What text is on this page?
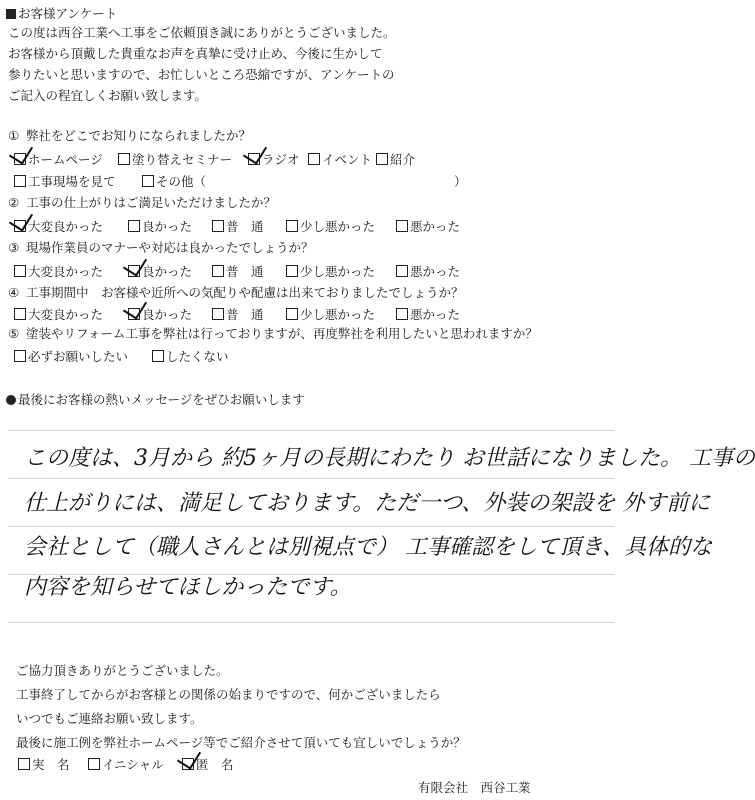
お客様アンケート
この度は西谷工業へ工事をご依頼頂き誠にありがとうございました。
お客様から頂戴した貴重なお声を真摯に受け止め、今後に生かして
参りたいと思いますので、お忙しいところ恐縮ですが、アンケートの
ご記入の程宜しくお願い致します。
① 弊社をどこでお知りになられましたか？
ホームページ	塗り替えセミナー	ラジオ	イベント	紹介
工事現場を見て	その他（	）
② 工事の仕上がりはご満足いただけましたか？
大変良かった	良かった	普　通	少し悪かった	悪かった
③ 現場作業員のマナーや対応は良かったでしょうか？
大変良かった	良かった	普　通	少し悪かった	悪かった
④ 工事期間中　お客様や近所への気配りや配慮は出来ておりましたでしょうか？
大変良かった	良かった	普　通	少し悪かった	悪かった
⑤ 塗装やリフォーム工事を弊社は行っておりますが、再度弊社を利用したいと思われますか？
必ずお願いしたい	したくない
最後にお客様の熱いメッセージをぜひお願いします
この度は、3月から 約5ヶ月の長期にわたり お世話になりました。 工事の
仕上がりには、満足しております。ただ一つ、外装の架設を 外す前に
会社として（職人さんとは別視点で） 工事確認をして頂き、具体的な
内容を知らせてほしかったです。
ご協力頂きありがとうございました。
工事終了してからがお客様との関係の始まりですので、何かございましたら
いつでもご連絡お願い致します。
最後に施工例を弊社ホームページ等でご紹介させて頂いても宜しいでしょうか？
実　名	イニシャル	匿　名
有限会社　西谷工業
